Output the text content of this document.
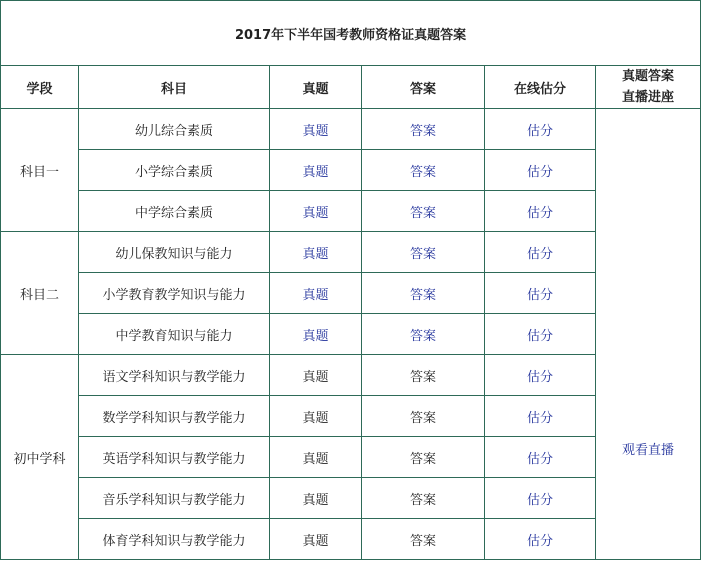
2017年下半年国考教师资格证真题答案					
学段	科目	真题	答案	在线估分	真题答案
直播进座

科目一	幼儿综合素质	真题	答案	估分	观看直播
	小学综合素质	真题	答案	估分	
	中学综合素质	真题	答案	估分	
科目二	幼儿保教知识与能力	真题	答案	估分	
	小学教育教学知识与能力	真题	答案	估分	
	中学教育知识与能力	真题	答案	估分	
初中学科	语文学科知识与教学能力	真题	答案	估分	
	数学学科知识与教学能力	真题	答案	估分	
	英语学科知识与教学能力	真题	答案	估分	
	音乐学科知识与教学能力	真题	答案	估分	
	体育学科知识与教学能力	真题	答案	估分	
